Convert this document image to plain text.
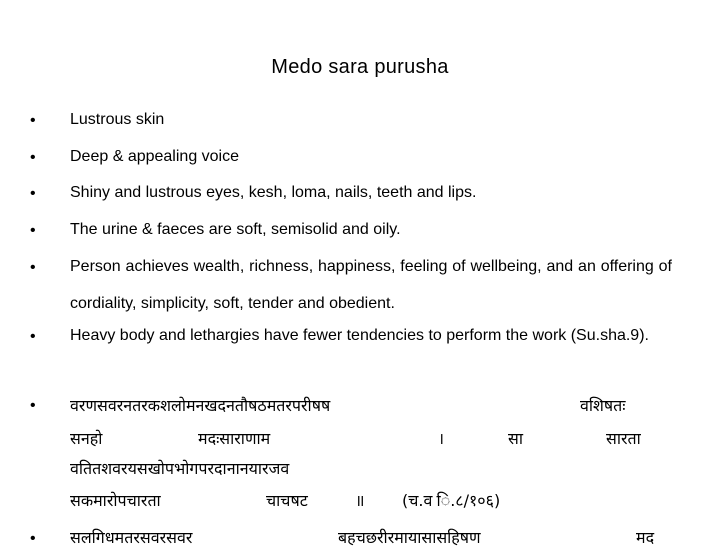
Medo sara purusha
• Lustrous skin
• Deep & appealing voice
• Shiny and lustrous eyes, kesh, loma, nails, teeth and lips.
• The urine & faeces are soft, semisolid and oily.
• Person achieves wealth, richness, happiness, feeling of wellbeing, and an offering of cordiality, simplicity, soft, tender and obedient.
• Heavy body and lethargies have fewer tendencies to perform the work (Su.sha.9).
• वरणसवरनतरकशलोमनखदनतौषठमतरपरीषष	वशिषतः
सनहो	मदःसाराणाम	।	सा	सारता
वतितशवरयसखोपभोगपरदानानयारजव
सकमारोपचारता	चाचषट	॥ (च.व ि.८/१०६)
• सलगिधमतरसवरसवर	बहचछरीरमायासासहिषण	मद
